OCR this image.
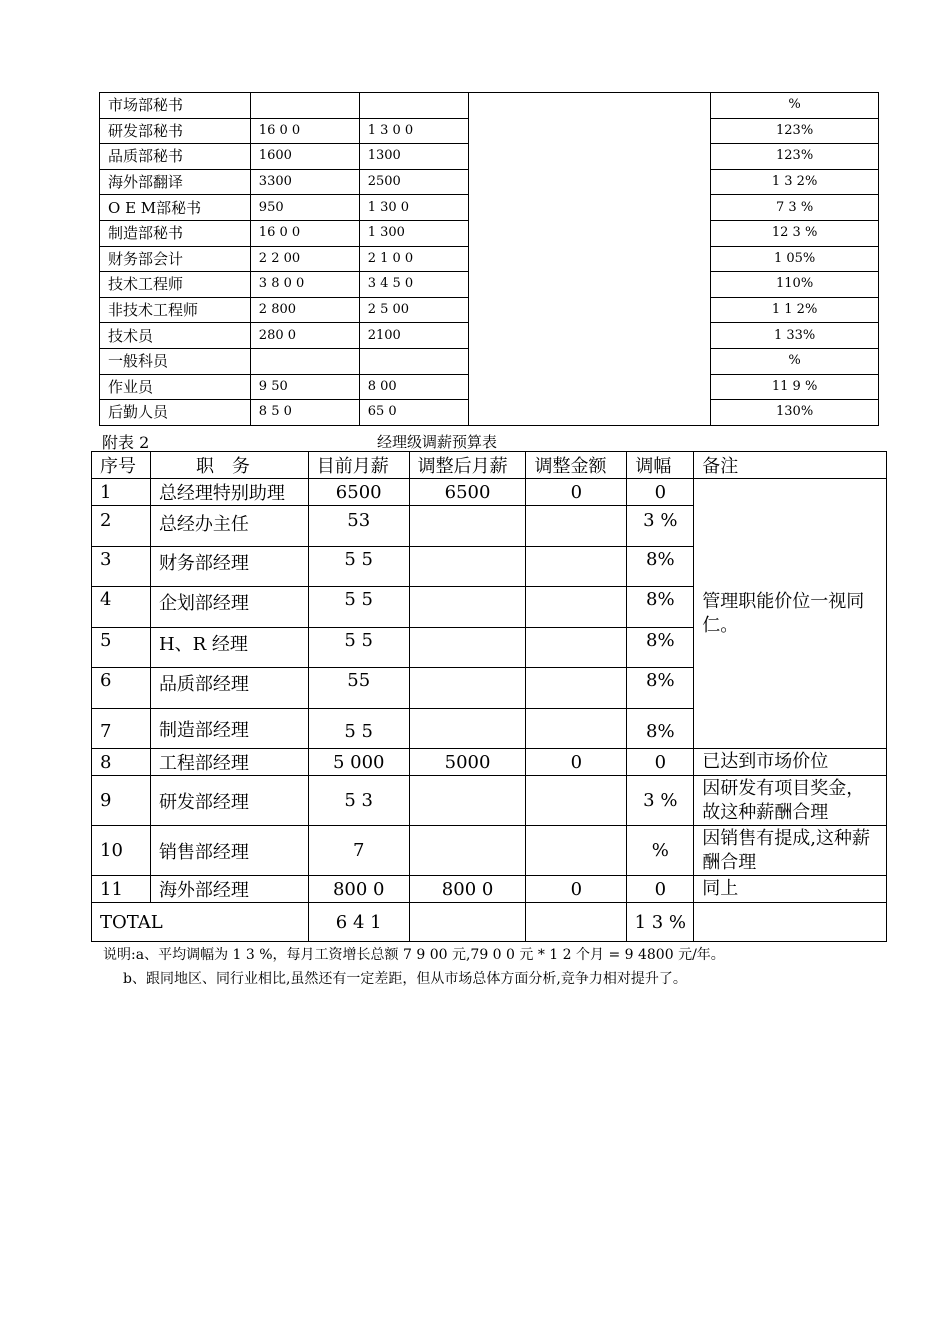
市场部秘书				%
研发部秘书	16 0 0	1 3 0 0		123%
品质部秘书	1600	1300		123%
海外部翻译	3300	2500		1 3 2%
O E M部秘书	950	1 30 0		7 3 %
制造部秘书	16 0 0	1 300		12 3 %
财务部会计	2 2 00	2 1 0 0		1 05%
技术工程师	3 8 0 0	3 4 5 0		110%
非技术工程师	2 800	2 5 00		1 1 2%
技术员	280 0	2100		1 33%
一般科员				%
作业员	9 50	8 00		11 9 %
后勤人员	8 5 0	65 0		130%
附表 2	经理级调薪预算表
序号	职　务	目前月薪	调整后月薪	调整金额	调幅	备注
1	总经理特别助理	6500	6500	0	0	管理职能价位一视同仁。
2	总经办主任	53			3 %	
3	财务部经理	5 5			8%	
4	企划部经理	5 5			8%	
5	H、R 经理	5 5			8%	
6	品质部经理	55			8%	
7	制造部经理	5 5			8%	
8	工程部经理	5 000	5000	0	0	已达到市场价位
9	研发部经理	5 3			3 %	因研发有项目奖金，故这种薪酬合理
10	销售部经理	7			%	因销售有提成,这种薪酬合理
11	海外部经理	800 0	800 0	0	0	同上
TOTAL		6 4 1			1 3 %	
说明:a、平均调幅为 1 3 %，每月工资增长总额 7 9 00 元,79 0 0 元 * 1 2 个月 = 9 4800 元/年。
b、跟同地区、同行业相比,虽然还有一定差距，但从市场总体方面分析,竞争力相对提升了。
